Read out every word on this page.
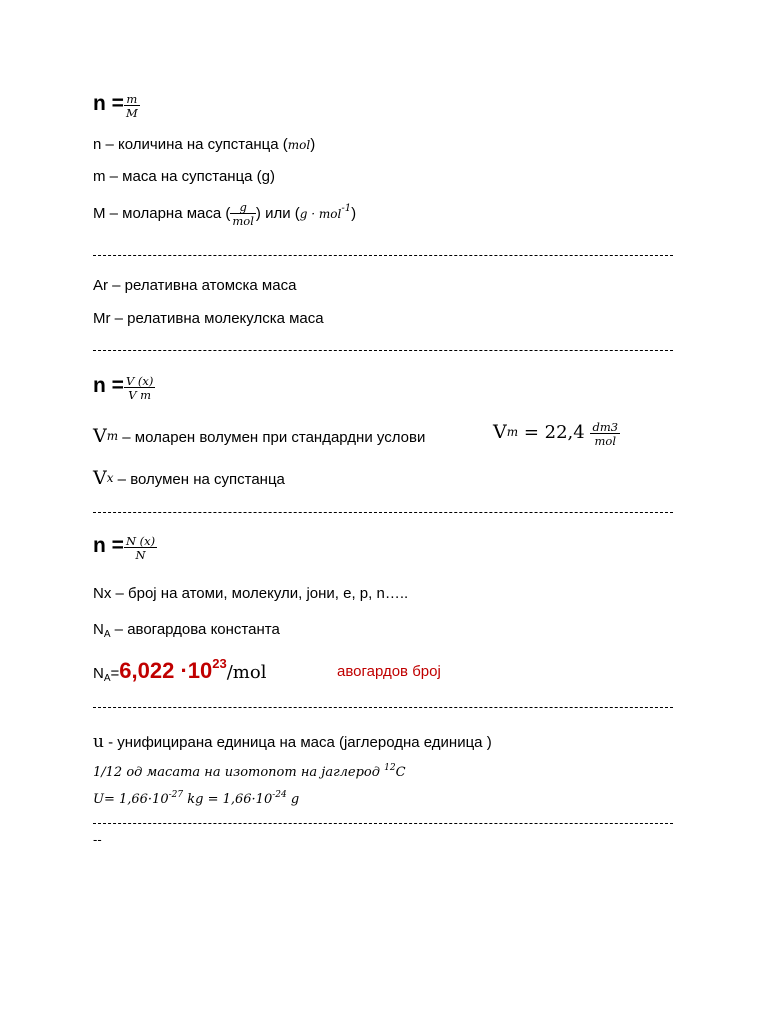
$n = \frac{m}{M}$
n – количина на супстанца (mol)
m – маса на супстанца (g)
M – моларна маса ( $\frac{g}{\text{mol}}$ ) или (g · mol$^{-1}$)
Ar – релативна атомска маса
Mr – релативна молекулска маса
$n = \frac{V (x)}{\text{V m}}$
Vm – моларен волумен при стандардни услови	$Vm = 22,4 \frac{dm3}{\text{mol}}$
Vx – волумен на супстанца
$n = \frac{N (x)}{N}$
Nx – број на атоми, молекули, јони, e, p, n…..
$N_A$ – авогардова константа
$N_A=6,022 \cdot 1023/mol$	авогардов број
u - унифицирана единица на маса (јаглеродна единица )
1/12 од масата на изотопот на јаглерод $^{12}$C
$U= 1,66\cdot 10^{-27}$ kg = $1,66\cdot 10^{-24}$ g
--
